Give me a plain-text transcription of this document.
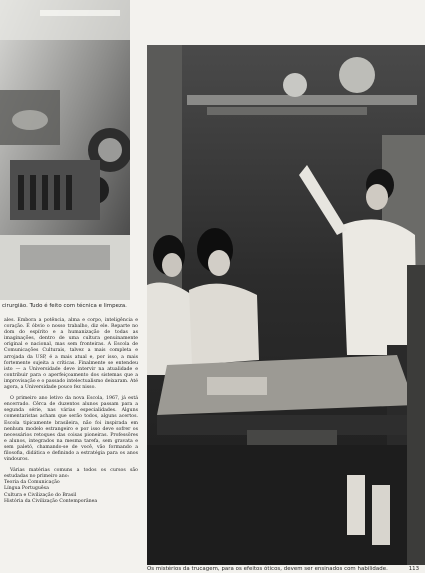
cirurgião. Tudo é feito com técnica e limpeza.
Os mistérios da trucagem, para os efeitos óticos, devem ser ensinados com habilidade.

ales. Embora a potência, alma e corpo, inteligência e coração. É óbvio o nosso trabalho, diz ele. Reparte no dom do espírito e a humanização de todas as imaginações, dentro de uma cultura genuinamente original e nacional, mas sem fronteiras. A Escola de Comunicações Culturais, talvez a mais completa e arrojada da USP, é a mais atual e, por isso, a mais fortemente sujeita a críticas. Finalmente se entendeu isto — a Universidade deve intervir na atualidade e contribuir para o aperfeiçoamento dos sistemas que a improvisação e o passado intelectualismo deixaram. Até agora, a Universidade pouco fez nisso.

O primeiro ano letivo da nova Escola, 1967, já está encerrado. Cêrca de duzentos alunos passam para a segunda série, nas várias especialidades. Alguns comentaristas acham que serão todos, alguns acertos. Escola tipicamente brasileira, não foi inspirada em nenhum modelo estrangeiro e por isso deve sofrer os necessários retoques das coisas pioneiras. Professôres e alunos, integrados na mesma tarefa, sem gravata e sem paletó, chamando-se de você, vão formando a filosofia, didática e definindo a estratégia para os anos vindouros.

Várias matérias comuns a todos os cursos são estudadas no primeiro ano:

Teoria da Comunicação
Língua Portuguêsa
Cultura e Civilização do Brasil
História da Civilização Contemporânea
113
